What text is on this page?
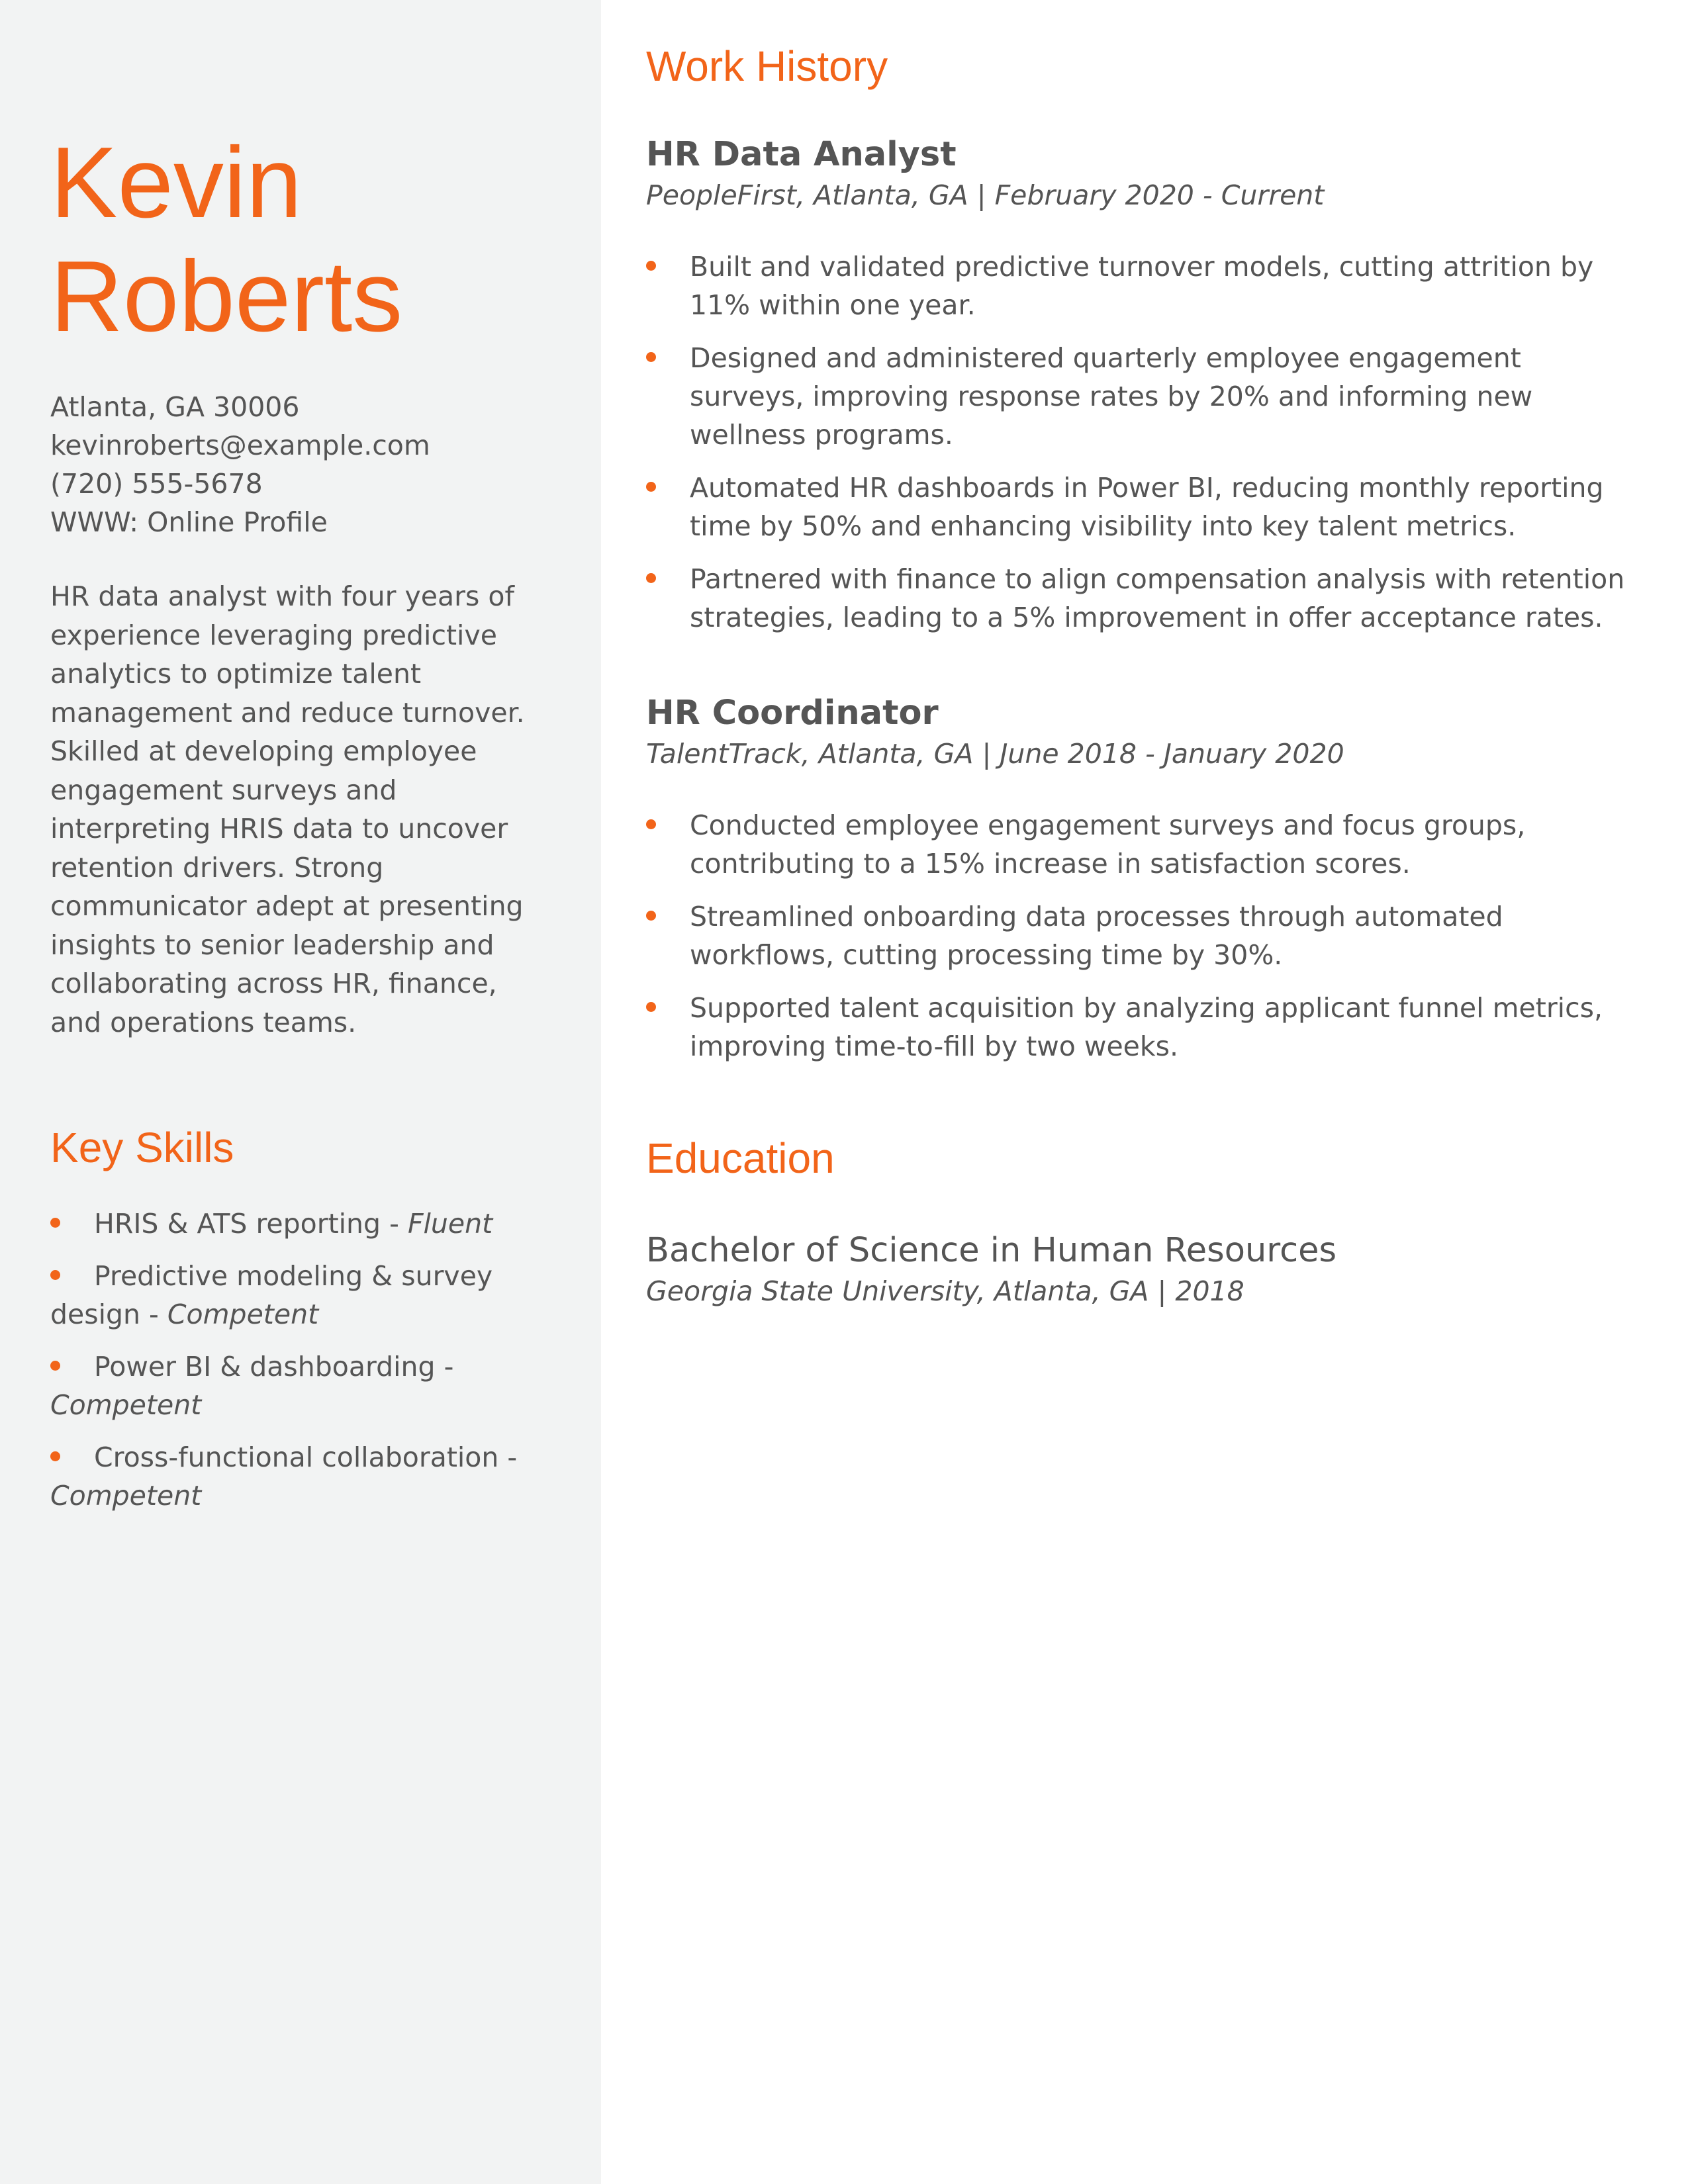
Kevin
Roberts
Atlanta, GA 30006
kevinroberts@example.com
(720) 555-5678
WWW: Online Profile

HR data analyst with four years of experience leveraging predictive analytics to optimize talent management and reduce turnover. Skilled at developing employee engagement surveys and interpreting HRIS data to uncover retention drivers. Strong communicator adept at presenting insights to senior leadership and collaborating across HR, finance, and operations teams.

Key Skills
HRIS & ATS reporting - Fluent
Predictive modeling & survey design - Competent
Power BI & dashboarding - Competent
Cross-functional collaboration - Competent
Work History
HR Data Analyst

PeopleFirst, Atlanta, GA | February 2020 - Current

Built and validated predictive turnover models, cutting attrition by 11% within one year.
Designed and administered quarterly employee engagement surveys, improving response rates by 20% and informing new wellness programs.
Automated HR dashboards in Power BI, reducing monthly reporting time by 50% and enhancing visibility into key talent metrics.
Partnered with finance to align compensation analysis with retention strategies, leading to a 5% improvement in offer acceptance rates.
HR Coordinator

TalentTrack, Atlanta, GA | June 2018 - January 2020

Conducted employee engagement surveys and focus groups, contributing to a 15% increase in satisfaction scores.
Streamlined onboarding data processes through automated workflows, cutting processing time by 30%.
Supported talent acquisition by analyzing applicant funnel metrics, improving time-to-fill by two weeks.
Education

Bachelor of Science in Human Resources

Georgia State University, Atlanta, GA | 2018
